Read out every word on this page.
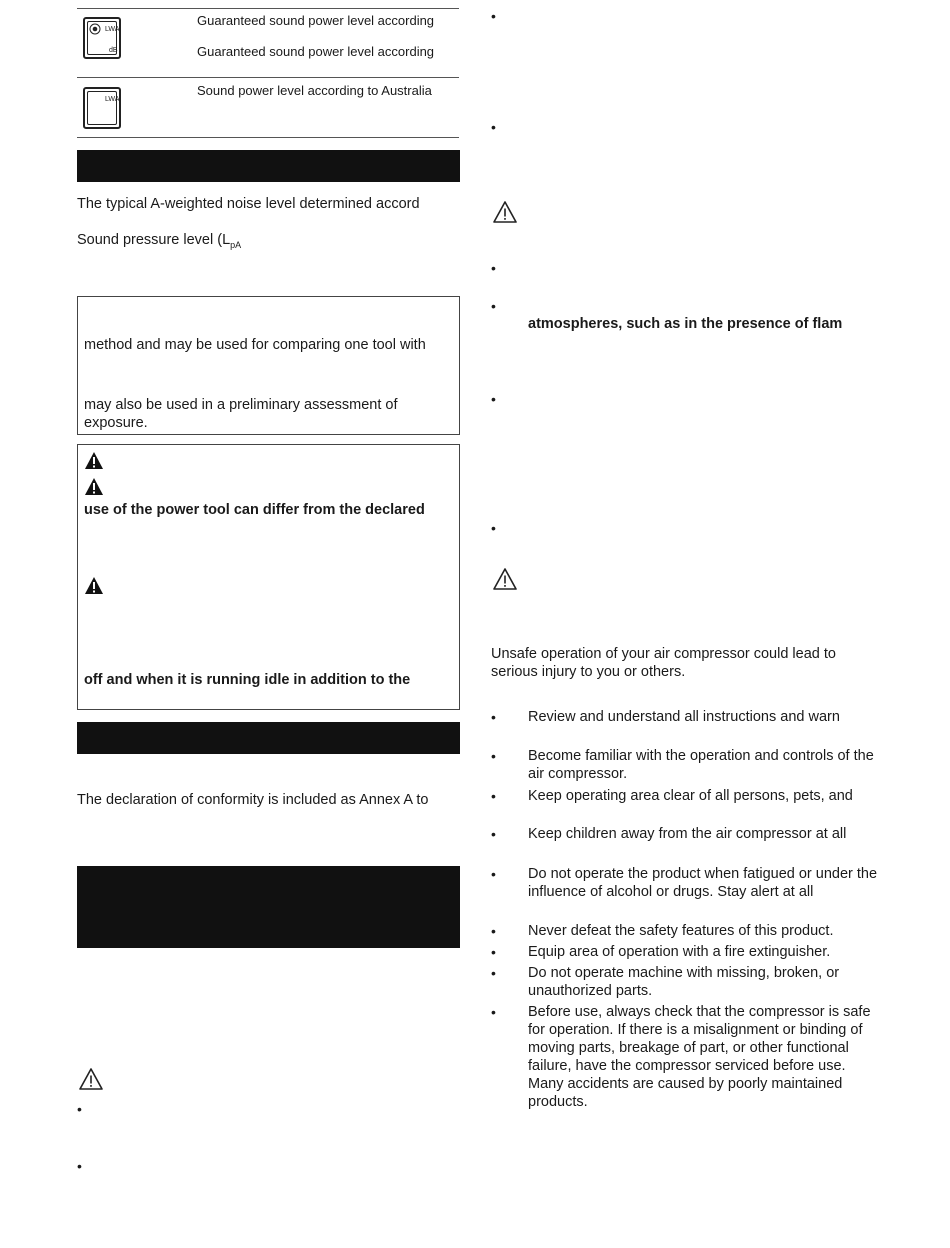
LWA
dB
Guaranteed sound power level according
Guaranteed sound power level according
LWA
Sound power level according to Australia
The typical A-weighted noise level determined accord
Sound pressure level ($L_{pA}$
method and may be used for comparing one tool with
may also be used in a preliminary assessment of
exposure.
use of the power tool can differ from the declared
off and when it is running idle in addition to the
The declaration of conformity is included as Annex A to
•
•
•
•
•
•
atmospheres, such as in the presence of flam
•
•
Unsafe operation of your air compressor could lead to serious injury to you or others.
• Review and understand all instructions and warn
• Become familiar with the operation and controls of the air compressor.
• Keep operating area clear of all persons, pets, and
• Keep children away from the air compressor at all
• Do not operate the product when fatigued or under the influence of alcohol or drugs. Stay alert at all
• Never defeat the safety features of this product.
• Equip area of operation with a fire extinguisher.
• Do not operate machine with missing, broken, or unauthorized parts.
• Before use, always check that the compressor is safe for operation. If there is a misalignment or binding of moving parts, breakage of part, or other functional failure, have the compressor serviced before use. Many accidents are caused by poorly maintained products.
